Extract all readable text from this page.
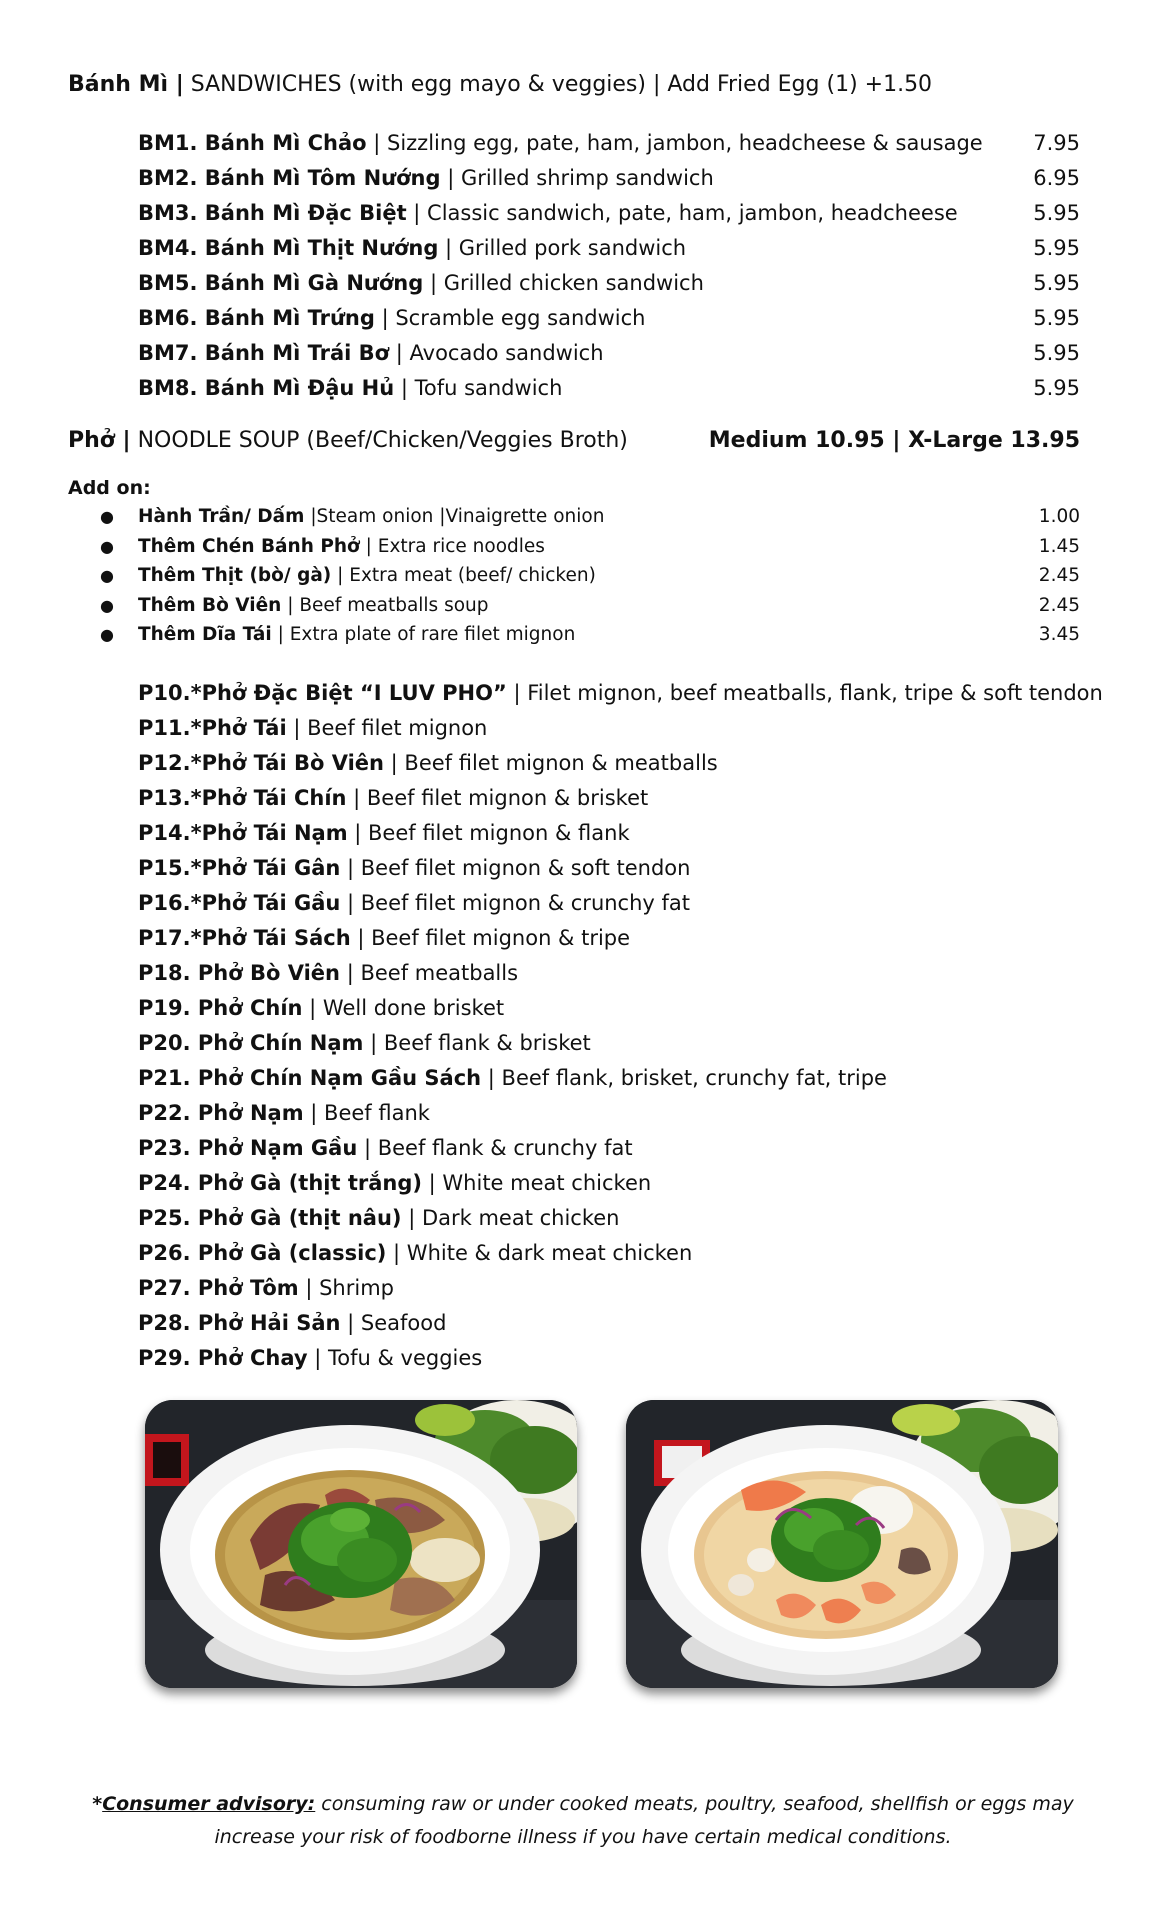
Bánh Mì | SANDWICHES (with egg mayo & veggies) | Add Fried Egg (1) +1.50
BM1. Bánh Mì Chảo | Sizzling egg, pate, ham, jambon, headcheese & sausage 7.95
BM2. Bánh Mì Tôm Nướng | Grilled shrimp sandwich	6.95
BM3. Bánh Mì Đặc Biệt | Classic sandwich, pate, ham, jambon, headcheese	5.95
BM4. Bánh Mì Thịt Nướng | Grilled pork sandwich	5.95
BM5. Bánh Mì Gà Nướng | Grilled chicken sandwich	5.95
BM6. Bánh Mì Trứng | Scramble egg sandwich	5.95
BM7. Bánh Mì Trái Bơ | Avocado sandwich	5.95
BM8. Bánh Mì Đậu Hủ | Tofu sandwich	5.95
Phở | NOODLE SOUP (Beef/Chicken/Veggies Broth)	Medium 10.95 | X-Large 13.95
Add on:
●	Hành Trần/ Dấm |Steam onion |Vinaigrette onion	1.00
●	Thêm Chén Bánh Phở | Extra rice noodles	1.45
●	Thêm Thịt (bò/ gà) | Extra meat (beef/ chicken)	2.45
●	Thêm Bò Viên | Beef meatballs soup	2.45
●	Thêm Dĩa Tái | Extra plate of rare filet mignon	3.45
P10.*Phở Đặc Biệt “I LUV PHO” | Filet mignon, beef meatballs, flank, tripe & soft tendon
P11.*Phở Tái | Beef filet mignon
P12.*Phở Tái Bò Viên | Beef filet mignon & meatballs
P13.*Phở Tái Chín | Beef filet mignon & brisket
P14.*Phở Tái Nạm | Beef filet mignon & flank
P15.*Phở Tái Gân | Beef filet mignon & soft tendon
P16.*Phở Tái Gầu | Beef filet mignon & crunchy fat
P17.*Phở Tái Sách | Beef filet mignon & tripe
P18. Phở Bò Viên | Beef meatballs
P19. Phở Chín | Well done brisket
P20. Phở Chín Nạm | Beef flank & brisket
P21. Phở Chín Nạm Gầu Sách | Beef flank, brisket, crunchy fat, tripe
P22. Phở Nạm | Beef flank
P23. Phở Nạm Gầu | Beef flank & crunchy fat
P24. Phở Gà (thịt trắng) | White meat chicken
P25. Phở Gà (thịt nâu) | Dark meat chicken
P26. Phở Gà (classic) | White & dark meat chicken
P27. Phở Tôm | Shrimp
P28. Phở Hải Sản | Seafood
P29. Phở Chay | Tofu & veggies
*Consumer advisory: consuming raw or under cooked meats, poultry, seafood, shellfish or eggs may increase your risk of foodborne illness if you have certain medical conditions.
